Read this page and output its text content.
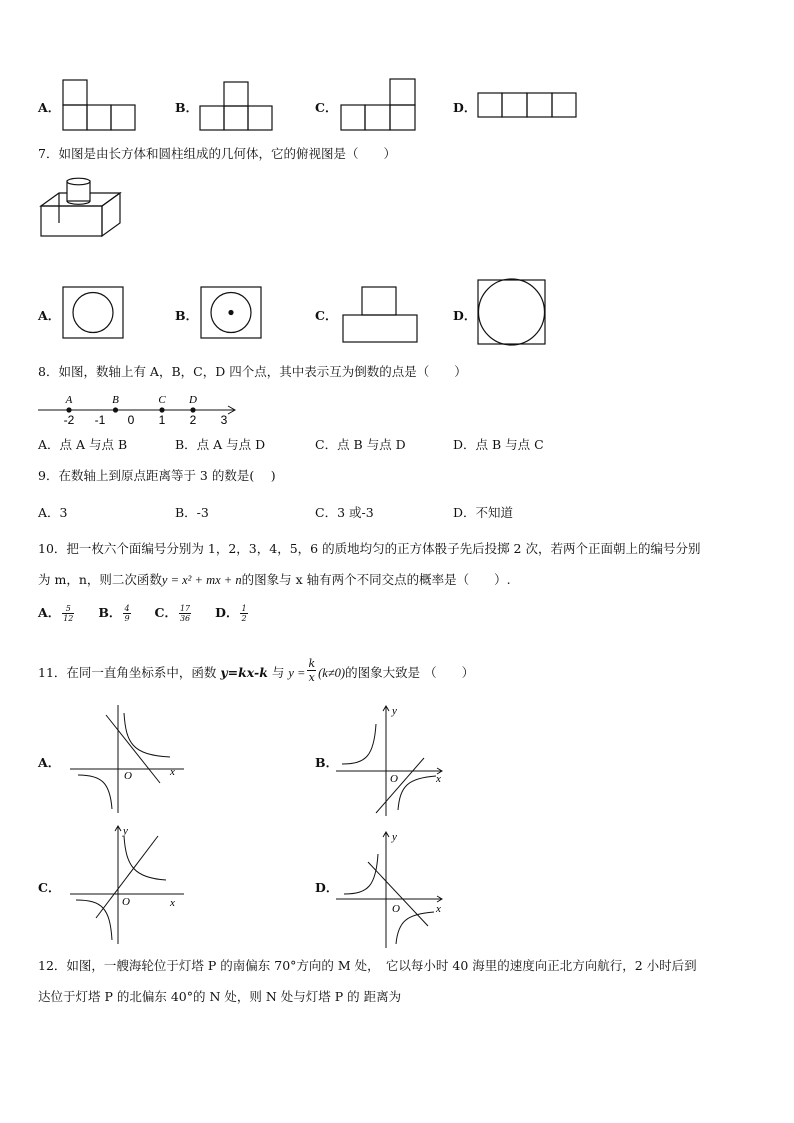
A．	B．	C．	D．
7．如图是由长方体和圆柱组成的几何体，它的俯视图是（　　）
A．	B．	C．	D．
8．如图，数轴上有 A，B，C，D 四个点，其中表示互为倒数的点是（　　）
-2 -1 0 1 2 3
A	B	C D
A．点 A 与点 B	B．点 A 与点 D	C．点 B 与点 D	D．点 B 与点 C
9．在数轴上到原点距离等于 3 的数是(　 )
A．3	B．-3	C．3 或-3	D．不知道
10．把一枚六个面编号分别为 1，2，3，4，5，6 的质地均匀的正方体骰子先后投掷 2 次，若两个正面朝上的编号分别
为 m，n，则二次函数y = x² + mx + n的图象与 x 轴有两个不同交点的概率是（　　）.
A． $\frac{5}{12}$ B． $\frac{4}{9}$ C． $\frac{17}{36}$ D． $\frac{1}{2}$
11．在同一直角坐标系中，函数 y=kx-k 与 $y = \frac{k}{x} (k\ne 0)$的图象大致是 （　　）
A．
O	x
B．
y
O	x
C．
y
O	x
D．
y
O	x
12．如图，一艘海轮位于灯塔 P 的南偏东 70°方向的 M 处，　它以每小时 40 海里的速度向正北方向航行，2 小时后到
达位于灯塔 P 的北偏东 40°的 N 处，则 N 处与灯塔 P 的 距离为
